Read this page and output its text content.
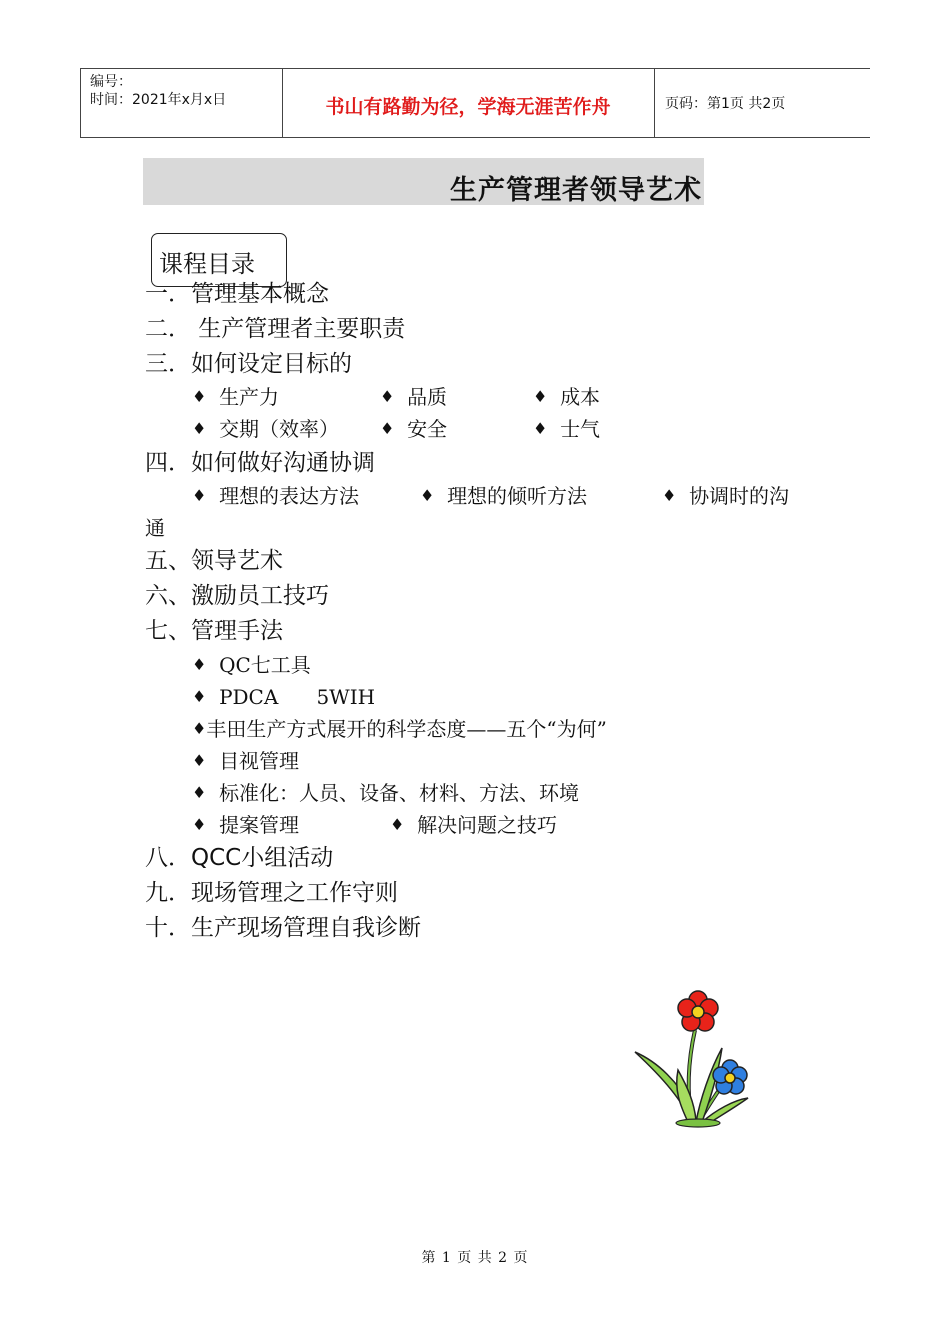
编号：
时间：2021年x月x日	书山有路勤为径，学海无涯苦作舟	页码：第1页 共2页
生产管理者领导艺术
课程目录
一．管理基本概念
二． 生产管理者主要职责
三．如何设定目标的
♦ 生产力	♦ 品质	♦ 成本
♦ 交期（效率）	♦ 安全	♦ 士气
四．如何做好沟通协调
♦ 理想的表达方法	♦ 理想的倾听方法	♦ 协调时的沟
通
五、领导艺术
六、激励员工技巧
七、管理手法
♦ QC七工具
♦ PDCA      5WIH
♦丰田生产方式展开的科学态度——五个“为何”
♦ 目视管理
♦ 标准化：人员、设备、材料、方法、环境
♦ 提案管理	♦ 解决问题之技巧
八．QCC小组活动
九．现场管理之工作守则
十．生产现场管理自我诊断
第 1 页 共 2 页
